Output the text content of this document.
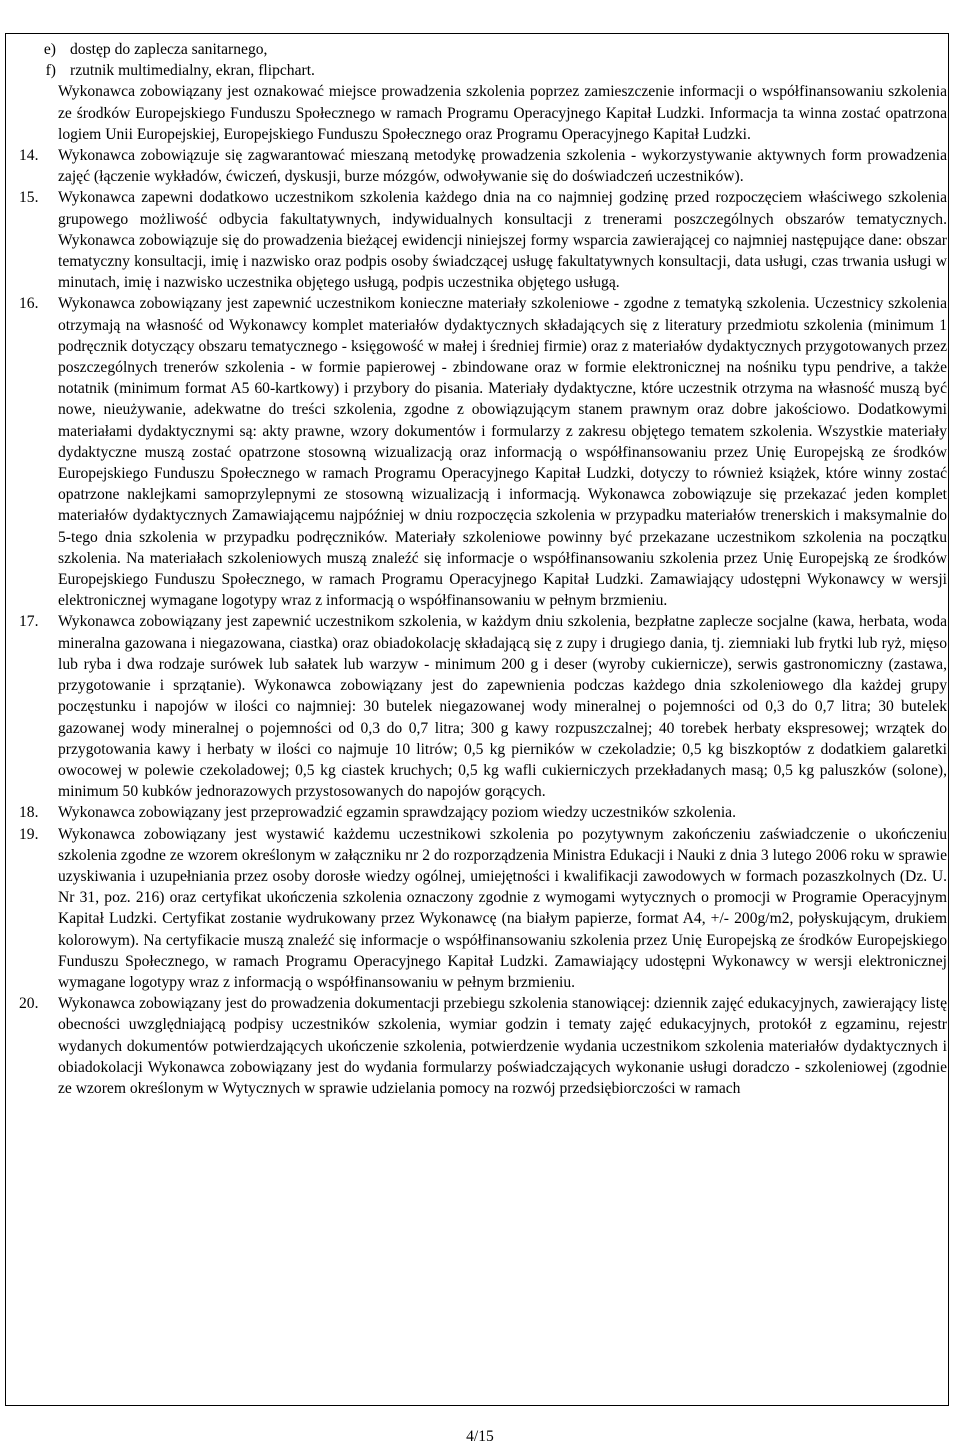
e) dostęp do zaplecza sanitarnego,
f) rzutnik multimedialny, ekran, flipchart.

Wykonawca zobowiązany jest oznakować miejsce prowadzenia szkolenia poprzez zamieszczenie informacji o współfinansowaniu szkolenia ze środków Europejskiego Funduszu Społecznego w ramach Programu Operacyjnego Kapitał Ludzki. Informacja ta winna zostać opatrzona logiem Unii Europejskiej, Europejskiego Funduszu Społecznego oraz Programu Operacyjnego Kapitał Ludzki.

14.	Wykonawca zobowiązuje się zagwarantować mieszaną metodykę prowadzenia szkolenia - wykorzystywanie aktywnych form prowadzenia zajęć (łączenie wykładów, ćwiczeń, dyskusji, burze mózgów, odwoływanie się do doświadczeń uczestników).
15.	Wykonawca zapewni dodatkowo uczestnikom szkolenia każdego dnia na co najmniej godzinę przed rozpoczęciem właściwego szkolenia grupowego możliwość odbycia fakultatywnych, indywidualnych konsultacji z trenerami poszczególnych obszarów tematycznych. Wykonawca zobowiązuje się do prowadzenia bieżącej ewidencji niniejszej formy wsparcia zawierającej co najmniej następujące dane: obszar tematyczny konsultacji, imię i nazwisko oraz podpis osoby świadczącej usługę fakultatywnych konsultacji, data usługi, czas trwania usługi w minutach, imię i nazwisko uczestnika objętego usługą, podpis uczestnika objętego usługą.
16.	Wykonawca zobowiązany jest zapewnić uczestnikom konieczne materiały szkoleniowe - zgodne z tematyką szkolenia. Uczestnicy szkolenia otrzymają na własność od Wykonawcy komplet materiałów dydaktycznych składających się z literatury przedmiotu szkolenia (minimum 1 podręcznik dotyczący obszaru tematycznego - księgowość w małej i średniej firmie) oraz z materiałów dydaktycznych przygotowanych przez poszczególnych trenerów szkolenia - w formie papierowej - zbindowane oraz w formie elektronicznej na nośniku typu pendrive, a także notatnik (minimum format A5 60-kartkowy) i przybory do pisania. Materiały dydaktyczne, które uczestnik otrzyma na własność muszą być nowe, nieużywanie, adekwatne do treści szkolenia, zgodne z obowiązującym stanem prawnym oraz dobre jakościowo. Dodatkowymi materiałami dydaktycznymi są: akty prawne, wzory dokumentów i formularzy z zakresu objętego tematem szkolenia. Wszystkie materiały dydaktyczne muszą zostać opatrzone stosowną wizualizacją oraz informacją o współfinansowaniu przez Unię Europejską ze środków Europejskiego Funduszu Społecznego w ramach Programu Operacyjnego Kapitał Ludzki, dotyczy to również książek, które winny zostać opatrzone naklejkami samoprzylepnymi ze stosowną wizualizacją i informacją. Wykonawca zobowiązuje się przekazać jeden komplet materiałów dydaktycznych Zamawiającemu najpóźniej w dniu rozpoczęcia szkolenia w przypadku materiałów trenerskich i maksymalnie do 5-tego dnia szkolenia w przypadku podręczników. Materiały szkoleniowe powinny być przekazane uczestnikom szkolenia na początku szkolenia. Na materiałach szkoleniowych muszą znaleźć się informacje o współfinansowaniu szkolenia przez Unię Europejską ze środków Europejskiego Funduszu Społecznego, w ramach Programu Operacyjnego Kapitał Ludzki. Zamawiający udostępni Wykonawcy w wersji elektronicznej wymagane logotypy wraz z informacją o współfinansowaniu w pełnym brzmieniu.
17.	Wykonawca zobowiązany jest zapewnić uczestnikom szkolenia, w każdym dniu szkolenia, bezpłatne zaplecze socjalne (kawa, herbata, woda mineralna gazowana i niegazowana, ciastka) oraz obiadokolację składającą się z zupy i drugiego dania, tj. ziemniaki lub frytki lub ryż, mięso lub ryba i dwa rodzaje surówek lub sałatek lub warzyw - minimum 200 g i deser (wyroby cukiernicze), serwis gastronomiczny (zastawa, przygotowanie i sprzątanie). Wykonawca zobowiązany jest do zapewnienia podczas każdego dnia szkoleniowego dla każdej grupy poczęstunku i napojów w ilości co najmniej: 30 butelek niegazowanej wody mineralnej o pojemności od 0,3 do 0,7 litra; 30 butelek gazowanej wody mineralnej o pojemności od 0,3 do 0,7 litra; 300 g kawy rozpuszczalnej; 40 torebek herbaty ekspresowej; wrzątek do przygotowania kawy i herbaty w ilości co najmuje 10 litrów; 0,5 kg pierników w czekoladzie; 0,5 kg biszkoptów z dodatkiem galaretki owocowej w polewie czekoladowej; 0,5 kg ciastek kruchych; 0,5 kg wafli cukierniczych przekładanych masą; 0,5 kg paluszków (solone), minimum 50 kubków jednorazowych przystosowanych do napojów gorących.
18.	Wykonawca zobowiązany jest przeprowadzić egzamin sprawdzający poziom wiedzy uczestników szkolenia.
19.	Wykonawca zobowiązany jest wystawić każdemu uczestnikowi szkolenia po pozytywnym zakończeniu zaświadczenie o ukończeniu szkolenia zgodne ze wzorem określonym w załączniku nr 2 do rozporządzenia Ministra Edukacji i Nauki z dnia 3 lutego 2006 roku w sprawie uzyskiwania i uzupełniania przez osoby dorosłe wiedzy ogólnej, umiejętności i kwalifikacji zawodowych w formach pozaszkolnych (Dz. U. Nr 31, poz. 216) oraz certyfikat ukończenia szkolenia oznaczony zgodnie z wymogami wytycznych o promocji w Programie Operacyjnym Kapitał Ludzki. Certyfikat zostanie wydrukowany przez Wykonawcę (na białym papierze, format A4, +/- 200g/m2, połyskującym, drukiem kolorowym). Na certyfikacie muszą znaleźć się informacje o współfinansowaniu szkolenia przez Unię Europejską ze środków Europejskiego Funduszu Społecznego, w ramach Programu Operacyjnego Kapitał Ludzki. Zamawiający udostępni Wykonawcy w wersji elektronicznej wymagane logotypy wraz z informacją o współfinansowaniu w pełnym brzmieniu.
20.	Wykonawca zobowiązany jest do prowadzenia dokumentacji przebiegu szkolenia stanowiącej: dziennik zajęć edukacyjnych, zawierający listę obecności uwzględniającą podpisy uczestników szkolenia, wymiar godzin i tematy zajęć edukacyjnych, protokół z egzaminu, rejestr wydanych dokumentów potwierdzających ukończenie szkolenia, potwierdzenie wydania uczestnikom szkolenia materiałów dydaktycznych i obiadokolacji Wykonawca zobowiązany jest do wydania formularzy poświadczających wykonanie usługi doradczo - szkoleniowej (zgodnie ze wzorem określonym w Wytycznych w sprawie udzielania pomocy na rozwój przedsiębiorczości w ramach
4/15
